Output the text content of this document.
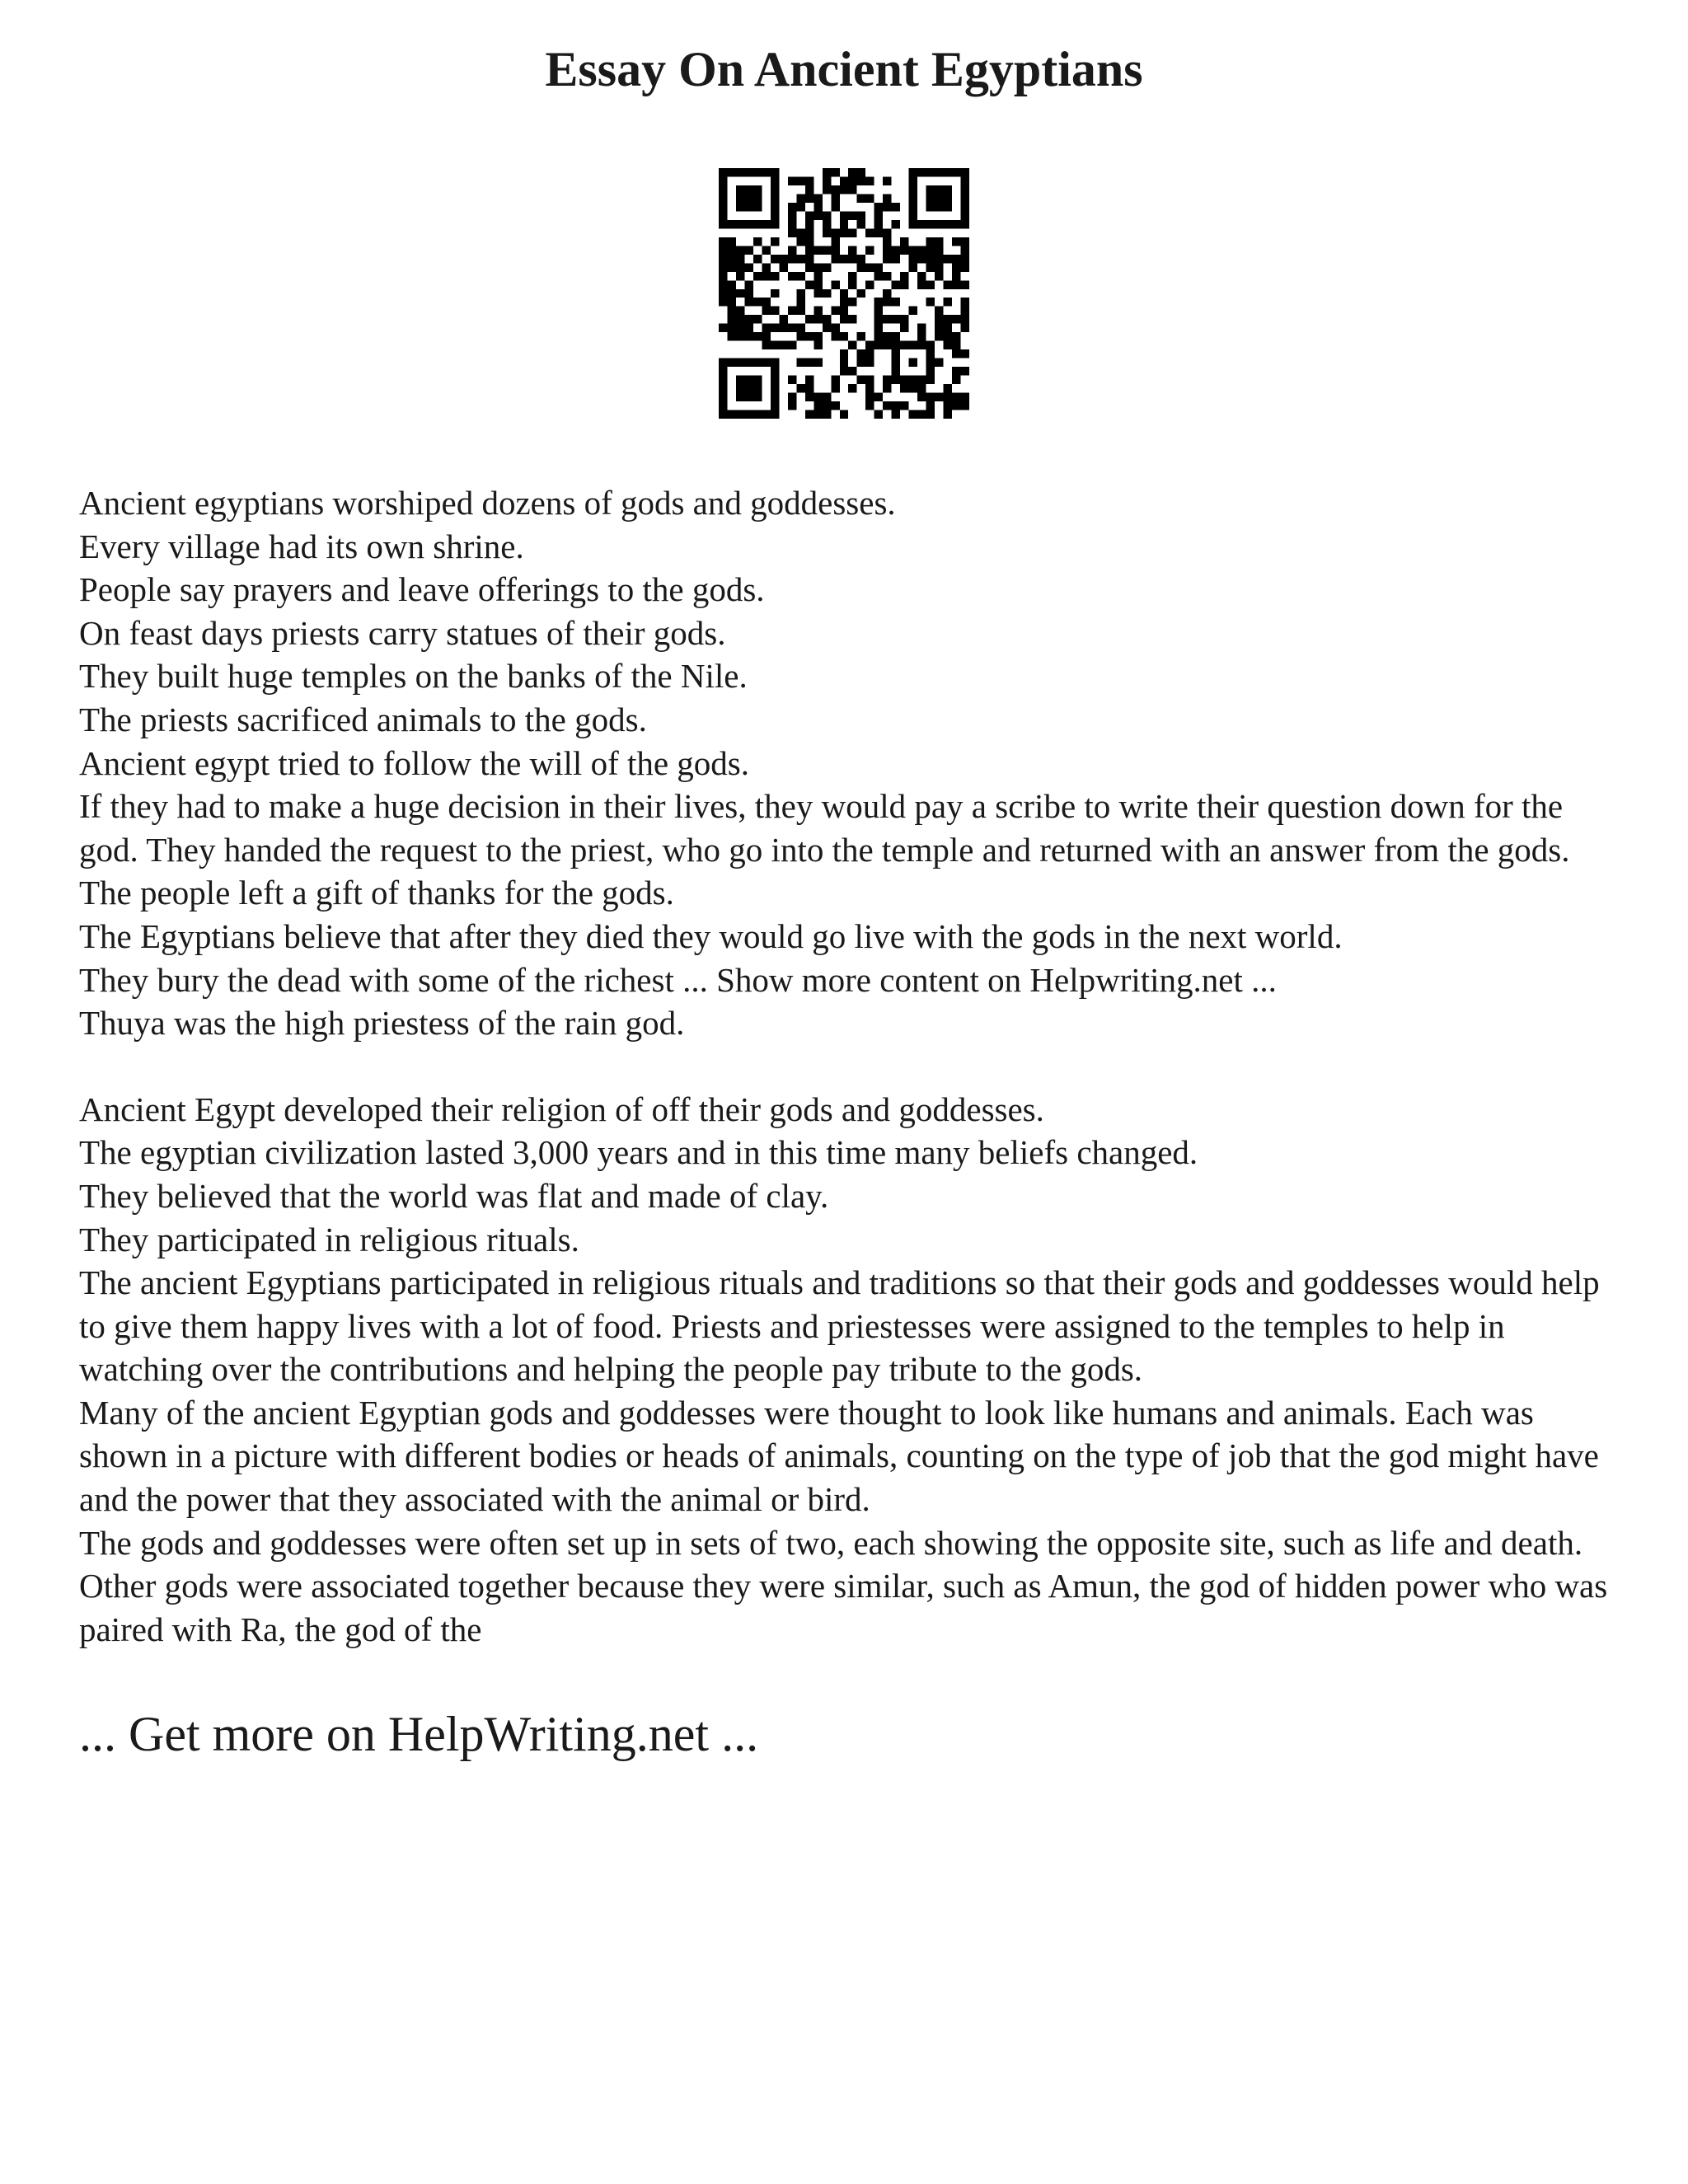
Essay On Ancient Egyptians

Ancient egyptians worshiped dozens of gods and goddesses.

Every village had its own shrine.

People say prayers and leave offerings to the gods.

On feast days priests carry statues of their gods.

They built huge temples on the banks of the Nile.

The priests sacrificed animals to the gods.

Ancient egypt tried to follow the will of the gods.

If they had to make a huge decision in their lives, they would pay a scribe to write their question down for the god. They handed the request to the priest, who go into the temple and returned with an answer from the gods. The people left a gift of thanks for the gods.

The Egyptians believe that after they died they would go live with the gods in the next world.

They bury the dead with some of the richest ... Show more content on Helpwriting.net ...

Thuya was the high priestess of the rain god.

Ancient Egypt developed their religion of off their gods and goddesses.

The egyptian civilization lasted 3,000 years and in this time many beliefs changed.

They believed that the world was flat and made of clay.

They participated in religious rituals.

The ancient Egyptians participated in religious rituals and traditions so that their gods and goddesses would help to give them happy lives with a lot of food. Priests and priestesses were assigned to the temples to help in watching over the contributions and helping the people pay tribute to the gods.

Many of the ancient Egyptian gods and goddesses were thought to look like humans and animals. Each was shown in a picture with different bodies or heads of animals, counting on the type of job that the god might have and the power that they associated with the animal or bird.

The gods and goddesses were often set up in sets of two, each showing the opposite site, such as life and death. Other gods were associated together because they were similar, such as Amun, the god of hidden power who was paired with Ra, the god of the

... Get more on HelpWriting.net ...
